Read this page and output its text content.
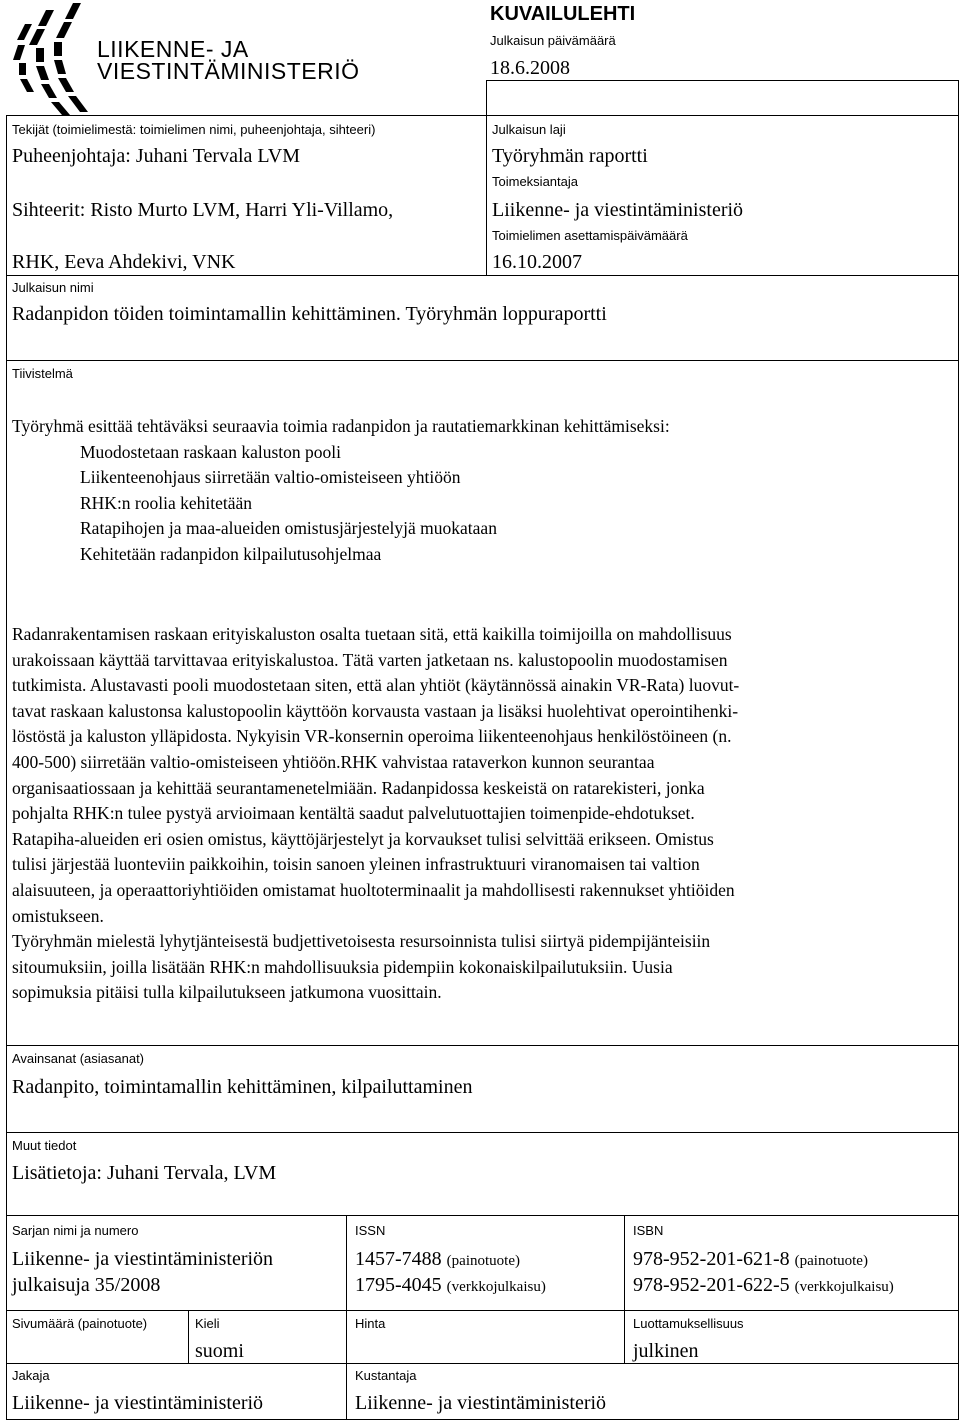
LIIKENNE- JA
VIESTINTÄMINISTERIÖ
KUVAILULEHTI
Julkaisun päivämäärä
18.6.2008
Tekijät (toimielimestä: toimielimen nimi, puheenjohtaja, sihteeri)
Puheenjohtaja: Juhani Tervala LVM
Sihteerit: Risto Murto LVM, Harri Yli-Villamo,
RHK, Eeva Ahdekivi, VNK
Julkaisun laji
Työryhmän raportti
Toimeksiantaja
Liikenne- ja viestintäministeriö
Toimielimen asettamispäivämäärä
16.10.2007
Julkaisun nimi
Radanpidon töiden toimintamallin kehittäminen. Työryhmän loppuraportti
Tiivistelmä
Työryhmä esittää tehtäväksi seuraavia toimia radanpidon ja rautatiemarkkinan kehittämiseksi:
Muodostetaan raskaan kaluston pooli
Liikenteenohjaus siirretään valtio-omisteiseen yhtiöön
RHK:n roolia kehitetään
Ratapihojen ja maa-alueiden omistusjärjestelyjä muokataan
Kehitetään radanpidon kilpailutusohjelmaa
Radanrakentamisen raskaan erityiskaluston osalta tuetaan sitä, että kaikilla toimijoilla on mahdollisuus
urakoissaan käyttää tarvittavaa erityiskalustoa. Tätä varten jatketaan ns. kalustopoolin muodostamisen
tutkimista. Alustavasti pooli muodostetaan siten, että alan yhtiöt (käytännössä ainakin VR-Rata) luovut-
tavat raskaan kalustonsa kalustopoolin käyttöön korvausta vastaan ja lisäksi huolehtivat operointihenki-
löstöstä ja kaluston ylläpidosta. Nykyisin VR-konsernin operoima liikenteenohjaus henkilöstöineen (n.
400-500) siirretään valtio-omisteiseen yhtiöön.RHK vahvistaa rataverkon kunnon seurantaa
organisaatiossaan ja kehittää seurantamenetelmiään. Radanpidossa keskeistä on ratarekisteri, jonka
pohjalta RHK:n tulee pystyä arvioimaan kentältä saadut palvelutuottajien toimenpide-ehdotukset.
Ratapiha-alueiden eri osien omistus, käyttöjärjestelyt ja korvaukset tulisi selvittää erikseen. Omistus
tulisi järjestää luonteviin paikkoihin, toisin sanoen yleinen infrastruktuuri viranomaisen tai valtion
alaisuuteen, ja operaattoriyhtiöiden omistamat huoltoterminaalit ja mahdollisesti rakennukset yhtiöiden
omistukseen.
Työryhmän mielestä lyhytjänteisestä budjettivetoisesta resursoinnista tulisi siirtyä pidempijänteisiin
sitoumuksiin, joilla lisätään RHK:n mahdollisuuksia pidempiin kokonaiskilpailutuksiin. Uusia
sopimuksia pitäisi tulla kilpailutukseen jatkumona vuosittain.
Avainsanat (asiasanat)
Radanpito, toimintamallin kehittäminen, kilpailuttaminen
Muut tiedot
Lisätietoja: Juhani Tervala, LVM
Sarjan nimi ja numero
Liikenne- ja viestintäministeriön
julkaisuja 35/2008
ISSN
1457-7488 (painotuote)
1795-4045 (verkkojulkaisu)
ISBN
978-952-201-621-8 (painotuote)
978-952-201-622-5 (verkkojulkaisu)
Sivumäärä (painotuote)	Kieli
suomi
Hinta	Luottamuksellisuus
julkinen
Jakaja
Liikenne- ja viestintäministeriö
Kustantaja
Liikenne- ja viestintäministeriö
